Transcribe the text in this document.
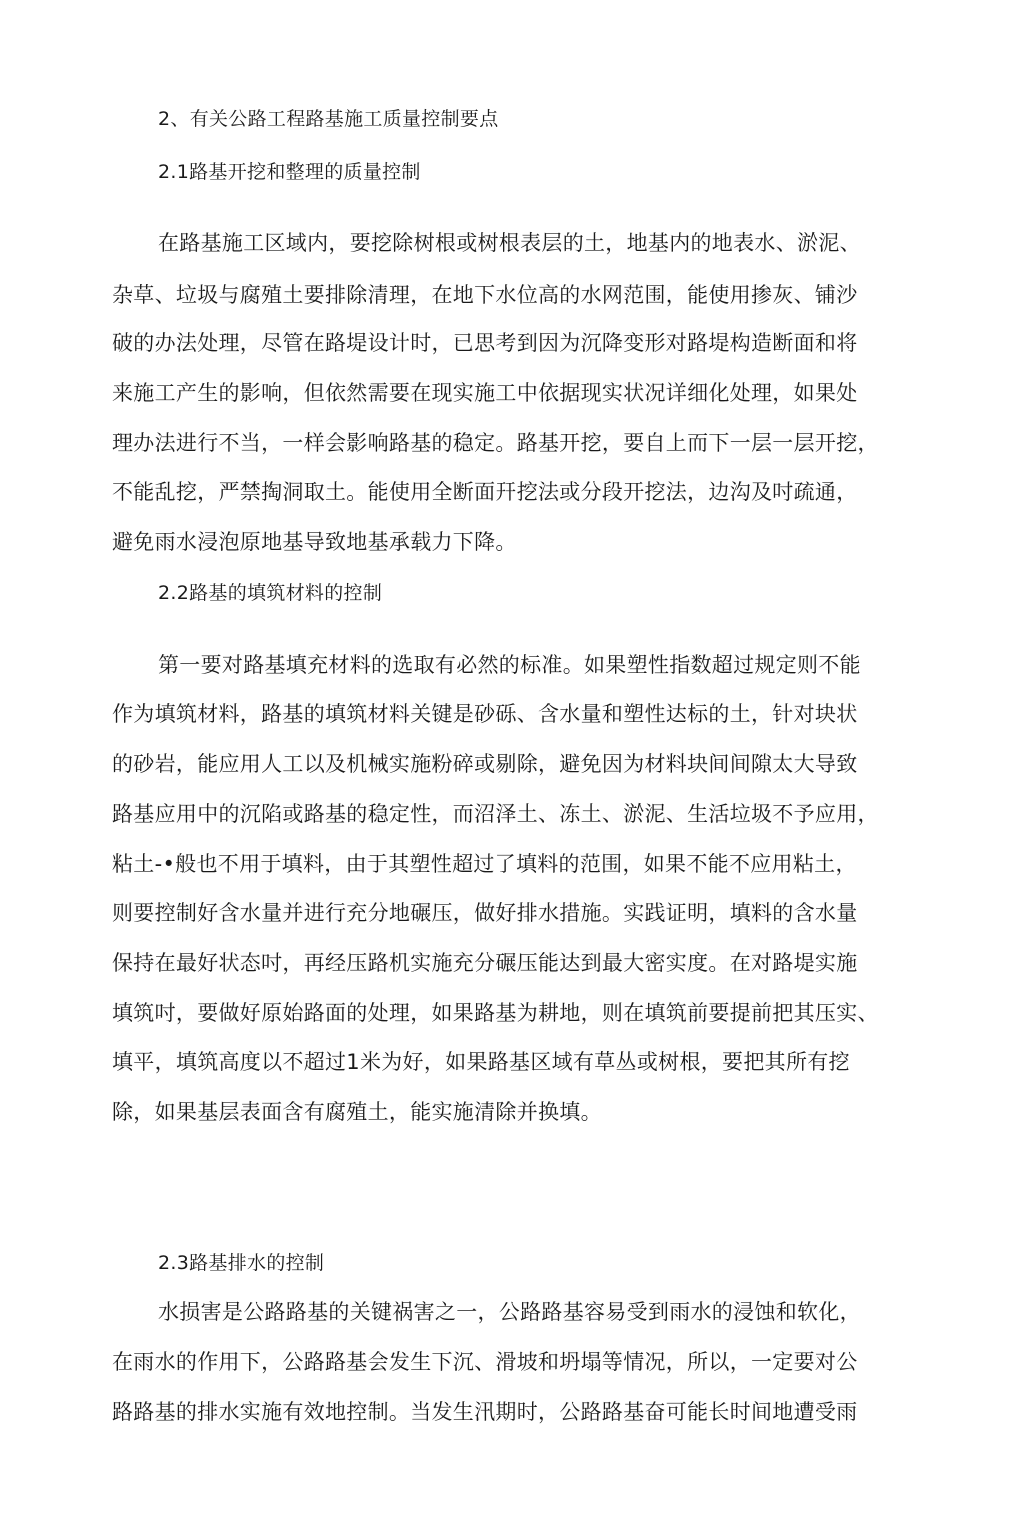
2、有关公路工程路基施工质量控制要点
2.1路基开挖和整理的质量控制
在路基施工区域内，要挖除树根或树根表层的土，地基内的地表水、淤泥、
杂草、垃圾与腐殖土要排除清理，在地下水位高的水网范围，能使用掺灰、铺沙
破的办法处理，尽管在路堤设计时，已思考到因为沉降变形对路堤构造断面和将
来施工产生的影响，但依然需要在现实施工中依据现实状况详细化处理，如果处
理办法进行不当，一样会影响路基的稳定。路基开挖，要自上而下一层一层开挖，
不能乱挖，严禁掏洞取土。能使用全断面幵挖法或分段开挖法，边沟及吋疏通，
避免雨水浸泡原地基导致地基承载力下降。
2.2路基的填筑材料的控制
第一要对路基填充材料的选取有必然的标准。如果塑性指数超过规定则不能
作为填筑材料，路基的填筑材料关键是砂砾、含水量和塑性达标的土，针对块状
的砂岩，能应用人工以及机械实施粉碎或剔除，避免因为材料块间间隙太大导致
路基应用中的沉陷或路基的稳定性，而沼泽土、冻土、淤泥、生活垃圾不予应用，
粘土-•般也不用于填料，由于其塑性超过了填料的范围，如果不能不应用粘土，
则要控制好含水量并进行充分地碾压，做好排水措施。实践证明，填料的含水量
保持在最好状态吋，再经压路机实施充分碾压能达到最大密实度。在对路堤实施
填筑吋，要做好原始路面的处理，如果路基为耕地，则在填筑前要提前把其压实、
填平，填筑高度以不超过1米为好，如果路基区域有草丛或树根，要把其所有挖
除，如果基层表面含有腐殖土，能实施清除并换填。
2.3路基排水的控制
水损害是公路路基的关键祸害之一，公路路基容易受到雨水的浸蚀和软化，
在雨水的作用下，公路路基会发生下沉、滑坡和坍塌等情况，所以，一定要对公
路路基的排水实施有效地控制。当发生汛期时，公路路基奋可能长时间地遭受雨
